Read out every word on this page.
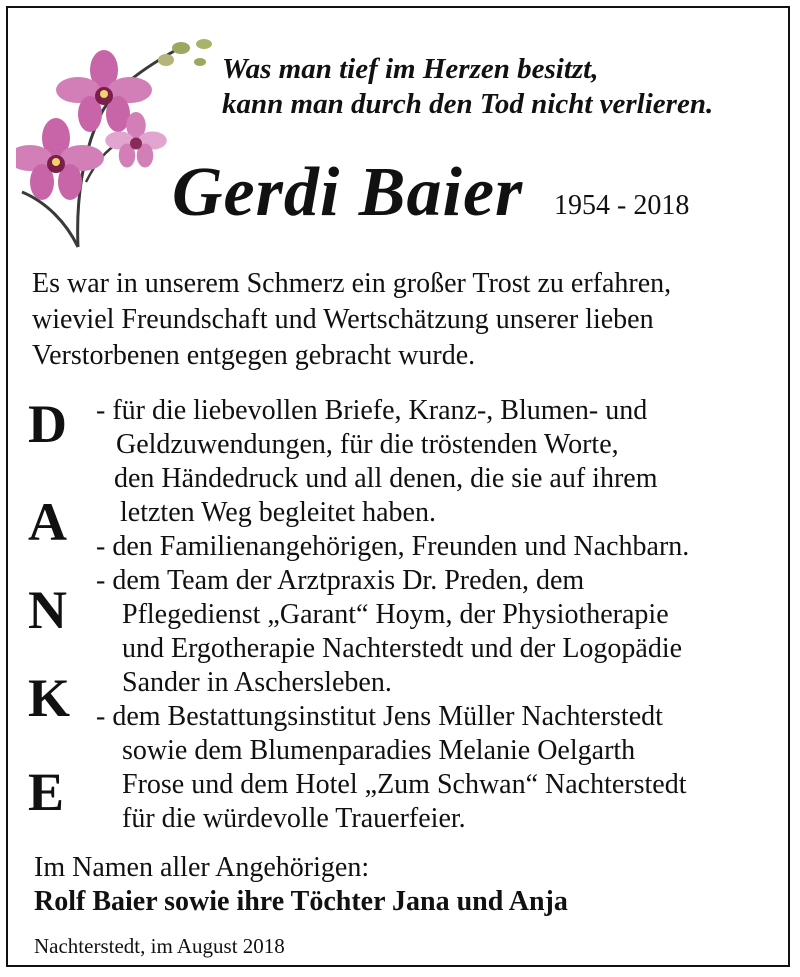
Was man tief im Herzen besitzt,
kann man durch den Tod nicht verlieren.
Gerdi Baier 1954 - 2018
Es war in unserem Schmerz ein großer Trost zu erfahren,
wieviel Freundschaft und Wertschätzung unserer lieben
Verstorbenen entgegen gebracht wurde.
D
A
N
K
E
- für die liebevollen Briefe, Kranz-, Blumen- und
Geldzuwendungen, für die tröstenden Worte,
den Händedruck und all denen, die sie auf ihrem
letzten Weg begleitet haben.
- den Familienangehörigen, Freunden und Nachbarn.
- dem Team der Arztpraxis Dr. Preden, dem
Pflegedienst „Garant“ Hoym, der Physiotherapie
und Ergotherapie Nachterstedt und der Logopädie
Sander in Aschersleben.
- dem Bestattungsinstitut Jens Müller Nachterstedt
sowie dem Blumenparadies Melanie Oelgarth
Frose und dem Hotel „Zum Schwan“ Nachterstedt
für die würdevolle Trauerfeier.
Im Namen aller Angehörigen:
Rolf Baier sowie ihre Töchter Jana und Anja
Nachterstedt, im August 2018
